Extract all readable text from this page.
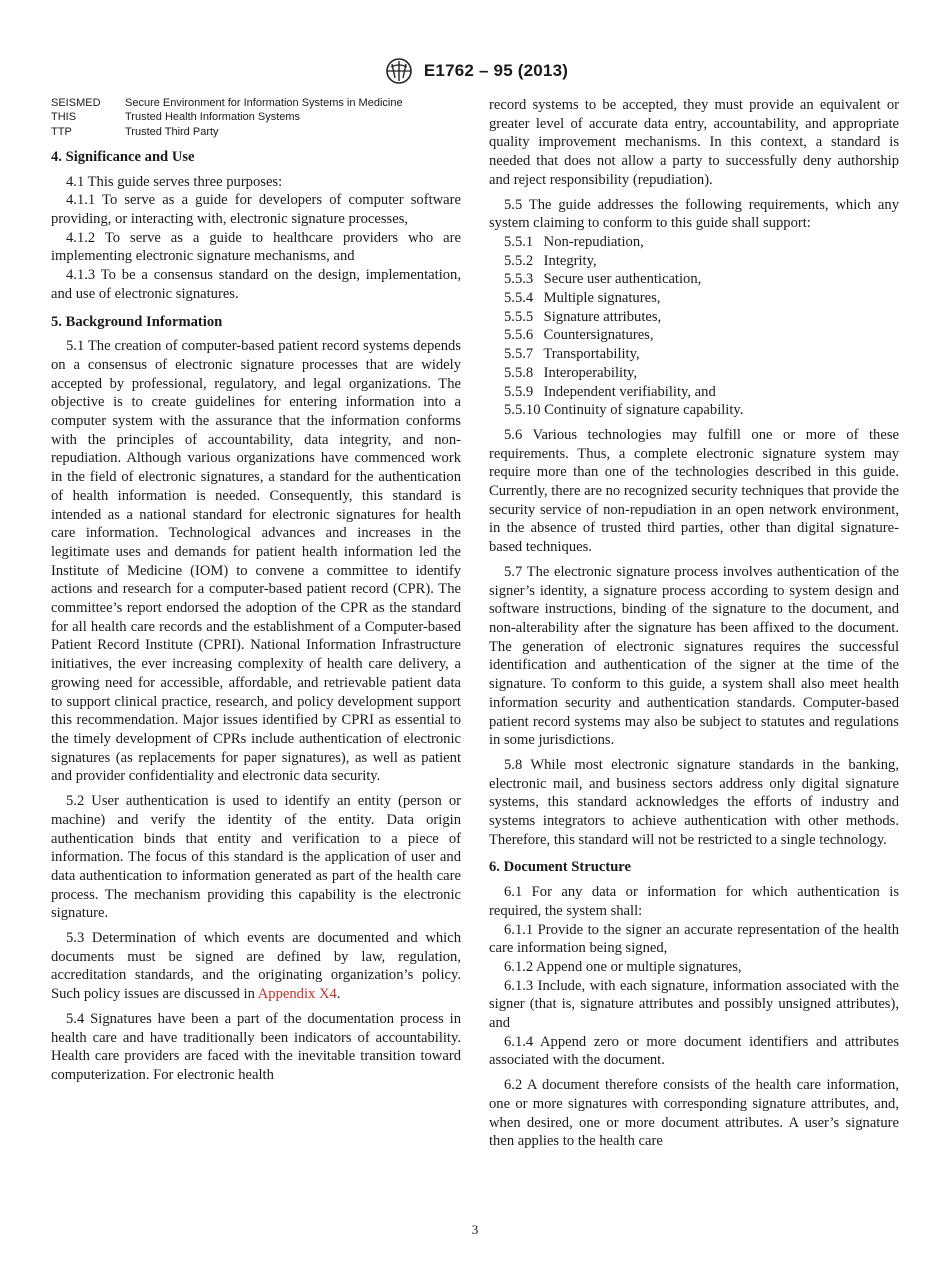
E1762 – 95 (2013)
SEISMED	Secure Environment for Information Systems in Medicine
THIS	Trusted Health Information Systems
TTP	Trusted Third Party
4. Significance and Use

4.1 This guide serves three purposes:

4.1.1 To serve as a guide for developers of computer software providing, or interacting with, electronic signature processes,

4.1.2 To serve as a guide to healthcare providers who are implementing electronic signature mechanisms, and

4.1.3 To be a consensus standard on the design, implementation, and use of electronic signatures.

5. Background Information

5.1 The creation of computer-based patient record systems depends on a consensus of electronic signature processes that are widely accepted by professional, regulatory, and legal organizations. The objective is to create guidelines for entering information into a computer system with the assurance that the information conforms with the principles of accountability, data integrity, and non-repudiation. Although various organizations have commenced work in the field of electronic signatures, a standard for the authentication of health information is needed. Consequently, this standard is intended as a national standard for electronic signatures for health care information. Technological advances and increases in the legitimate uses and demands for patient health information led the Institute of Medicine (IOM) to convene a committee to identify actions and research for a computer-based patient record (CPR). The committee’s report endorsed the adoption of the CPR as the standard for all health care records and the establishment of a Computer-based Patient Record Institute (CPRI). National Information Infrastructure initiatives, the ever increasing complexity of health care delivery, a growing need for accessible, affordable, and retrievable patient data to support clinical practice, research, and policy development support this recommendation. Major issues identified by CPRI as essential to the timely development of CPRs include authentication of electronic signatures (as replacements for paper signatures), as well as patient and provider confidentiality and electronic data security.

5.2 User authentication is used to identify an entity (person or machine) and verify the identity of the entity. Data origin authentication binds that entity and verification to a piece of information. The focus of this standard is the application of user and data authentication to information generated as part of the health care process. The mechanism providing this capability is the electronic signature.

5.3 Determination of which events are documented and which documents must be signed are defined by law, regulation, accreditation standards, and the originating organization’s policy. Such policy issues are discussed in Appendix X4.

5.4 Signatures have been a part of the documentation process in health care and have traditionally been indicators of accountability. Health care providers are faced with the inevitable transition toward computerization. For electronic health

record systems to be accepted, they must provide an equivalent or greater level of accurate data entry, accountability, and appropriate quality improvement mechanisms. In this context, a standard is needed that does not allow a party to successfully deny authorship and reject responsibility (repudiation).

5.5 The guide addresses the following requirements, which any system claiming to conform to this guide shall support:

5.5.1 Non-repudiation,
5.5.2 Integrity,
5.5.3 Secure user authentication,
5.5.4 Multiple signatures,
5.5.5 Signature attributes,
5.5.6 Countersignatures,
5.5.7 Transportability,
5.5.8 Interoperability,
5.5.9 Independent verifiability, and
5.5.10 Continuity of signature capability.

5.6 Various technologies may fulfill one or more of these requirements. Thus, a complete electronic signature system may require more than one of the technologies described in this guide. Currently, there are no recognized security techniques that provide the security service of non-repudiation in an open network environment, in the absence of trusted third parties, other than digital signature-based techniques.

5.7 The electronic signature process involves authentication of the signer’s identity, a signature process according to system design and software instructions, binding of the signature to the document, and non-alterability after the signature has been affixed to the document. The generation of electronic signatures requires the successful identification and authentication of the signer at the time of the signature. To conform to this guide, a system shall also meet health information security and authentication standards. Computer-based patient record systems may also be subject to statutes and regulations in some jurisdictions.

5.8 While most electronic signature standards in the banking, electronic mail, and business sectors address only digital signature systems, this standard acknowledges the efforts of industry and systems integrators to achieve authentication with other methods. Therefore, this standard will not be restricted to a single technology.

6. Document Structure

6.1 For any data or information for which authentication is required, the system shall:

6.1.1 Provide to the signer an accurate representation of the health care information being signed,

6.1.2 Append one or multiple signatures,

6.1.3 Include, with each signature, information associated with the signer (that is, signature attributes and possibly unsigned attributes), and

6.1.4 Append zero or more document identifiers and attributes associated with the document.

6.2 A document therefore consists of the health care information, one or more signatures with corresponding signature attributes, and, when desired, one or more document attributes. A user’s signature then applies to the health care

3
